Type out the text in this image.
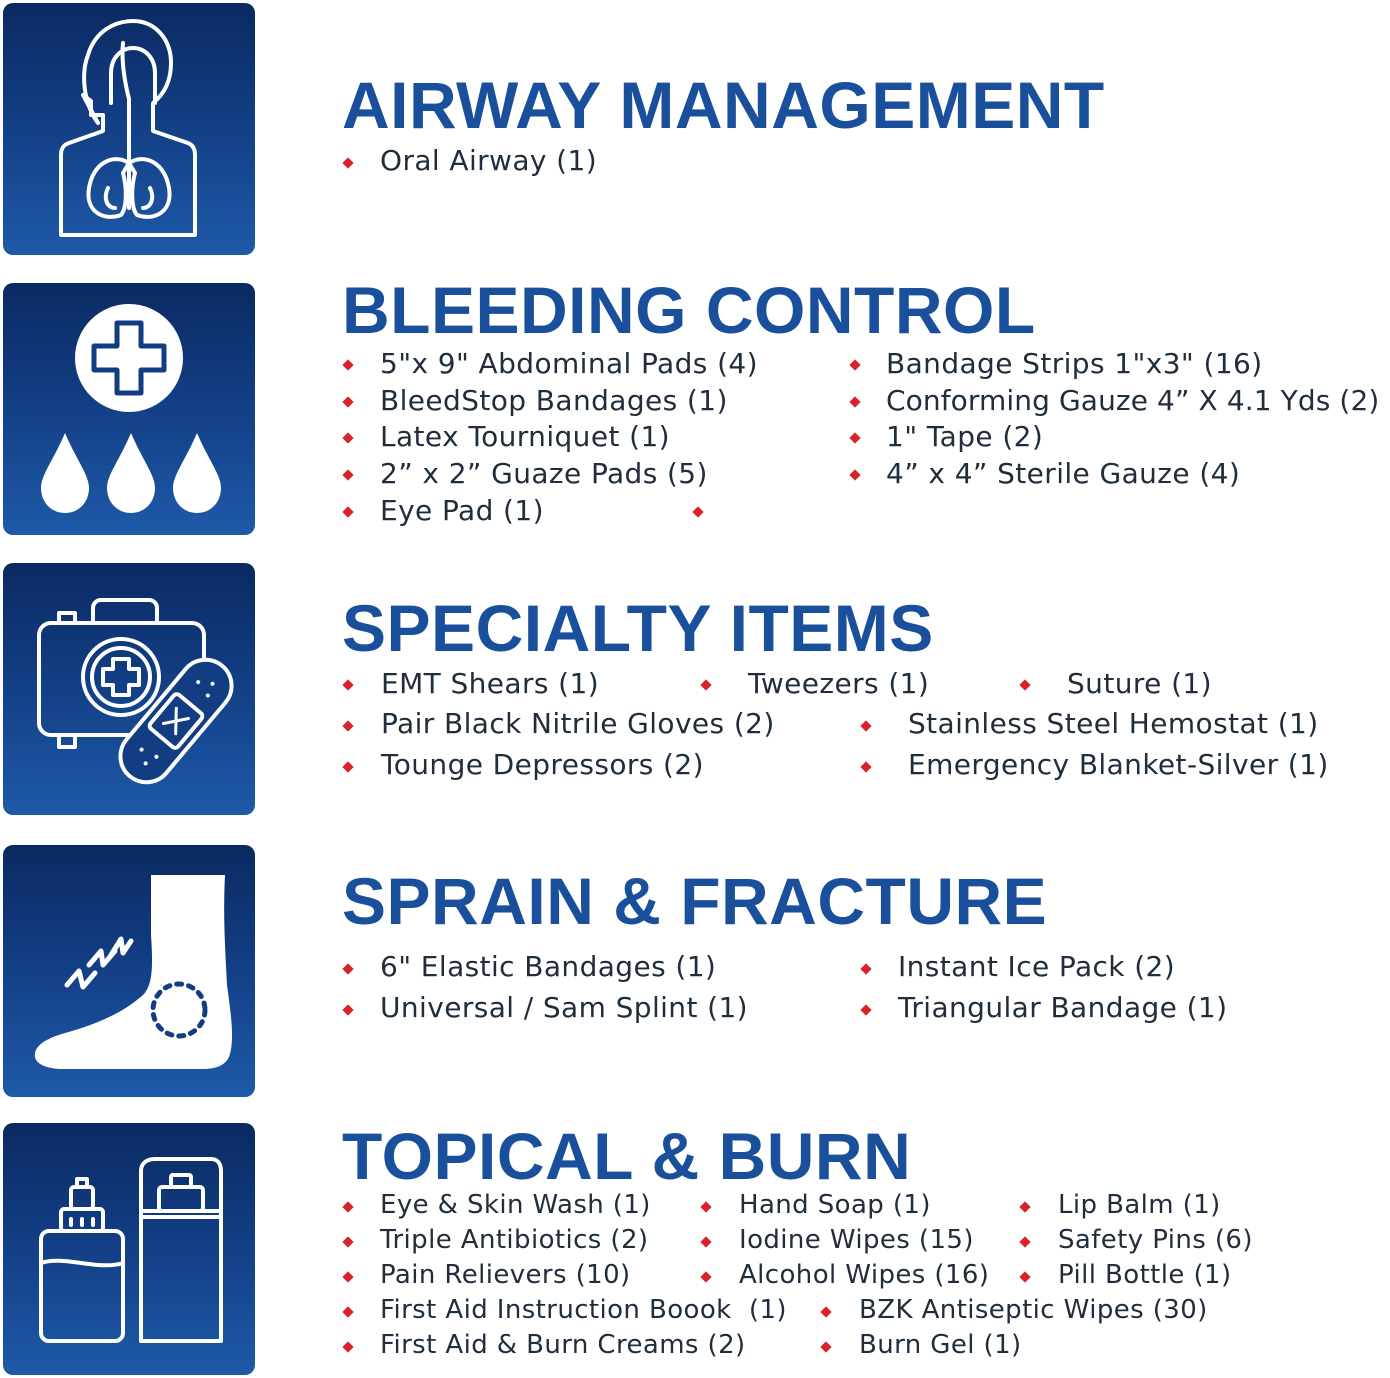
AIRWAY MANAGEMENT
Oral Airway (1)
BLEEDING CONTROL
5"x 9" Abdominal Pads (4)
BleedStop Bandages (1)
Latex Tourniquet (1)
2” x 2” Guaze Pads (5)
Eye Pad (1)
Bandage Strips 1"x3" (16)
Conforming Gauze 4” X 4.1 Yds (2)
1" Tape (2)
4” x 4” Sterile Gauze (4)
SPECIALTY ITEMS
EMT Shears (1)	Tweezers (1)	Suture (1)
Pair Black Nitrile Gloves (2)	Stainless Steel Hemostat (1)
Tounge Depressors (2)	Emergency Blanket-Silver (1)
SPRAIN & FRACTURE
6" Elastic Bandages (1)
Universal / Sam Splint (1)
Instant Ice Pack (2)
Triangular Bandage (1)
TOPICAL & BURN
Eye & Skin Wash (1)
Triple Antibiotics (2)
Pain Relievers (10)
First Aid Instruction Boook  (1)
First Aid & Burn Creams (2)
Hand Soap (1)
Iodine Wipes (15)
Alcohol Wipes (16)
BZK Antiseptic Wipes (30)
Burn Gel (1)
Lip Balm (1)
Safety Pins (6)
Pill Bottle (1)
